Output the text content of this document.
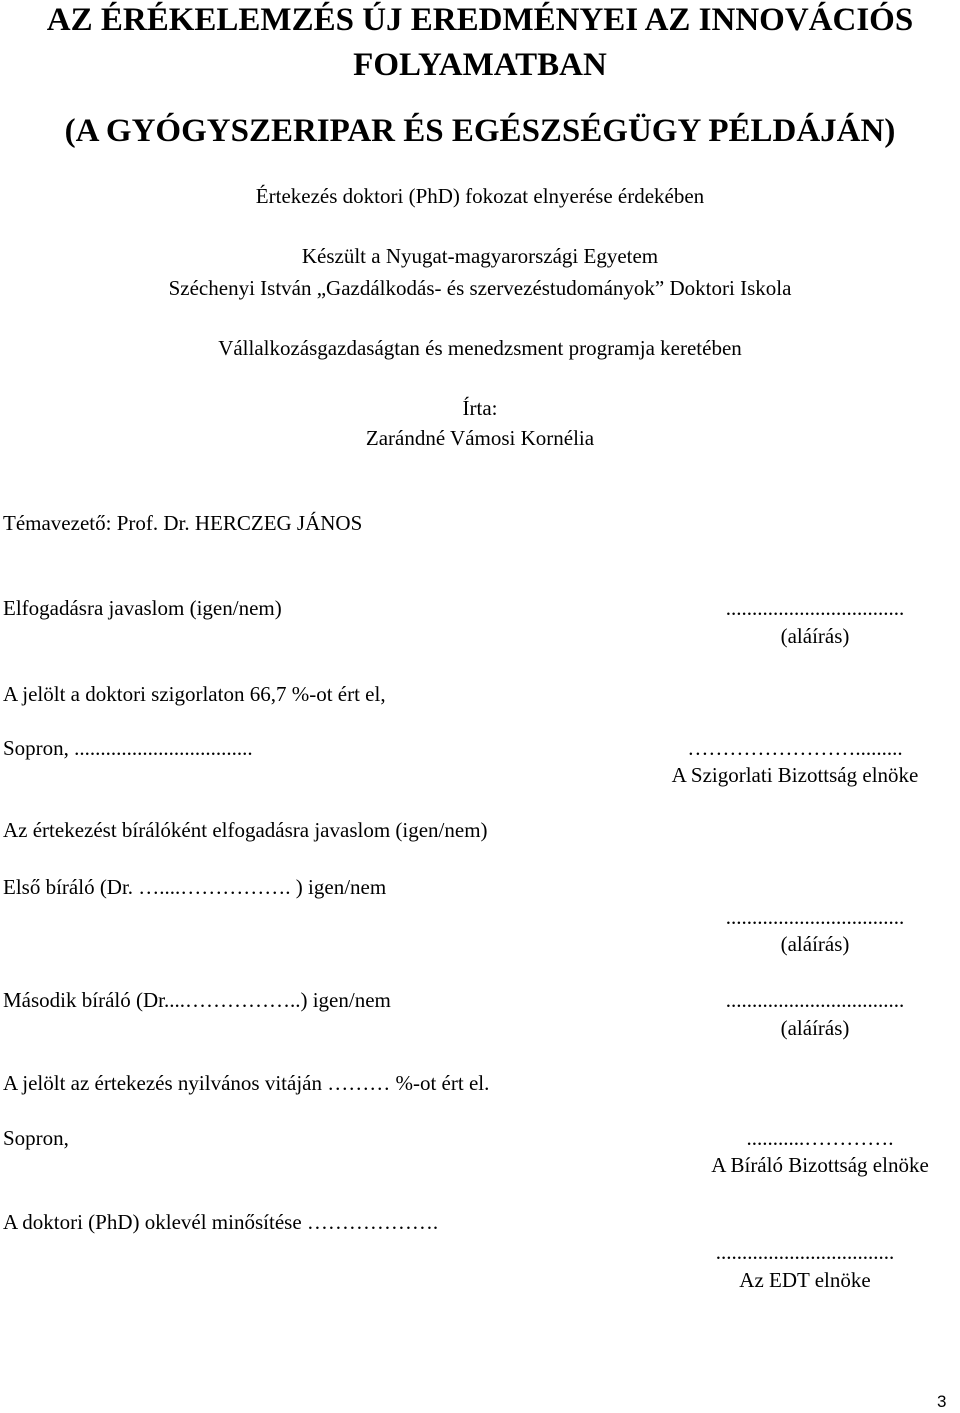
AZ ÉRÉKELEMZÉS ÚJ EREDMÉNYEI AZ INNOVÁCIÓS
FOLYAMATBAN
(A GYÓGYSZERIPAR ÉS EGÉSZSÉGÜGY PÉLDÁJÁN)
Értekezés doktori (PhD) fokozat elnyerése érdekében
Készült a Nyugat-magyarországi Egyetem
Széchenyi István „Gazdálkodás- és szervezéstudományok” Doktori Iskola
Vállalkozásgazdaságtan és menedzsment programja keretében
Írta:
Zarándné Vámosi Kornélia
Témavezető: Prof. Dr. HERCZEG JÁNOS
Elfogadásra javaslom (igen/nem)	..................................
(aláírás)
A jelölt a doktori szigorlaton 66,7 %-ot ért el,
Sopron, ..................................	…………………….........
A Szigorlati Bizottság elnöke
Az értekezést bírálóként elfogadásra javaslom (igen/nem)
Első bíráló (Dr. …....……………. ) igen/nem
..................................
(aláírás)
Második bíráló (Dr....……………..) igen/nem	..................................
(aláírás)
A jelölt az értekezés nyilvános vitáján ……… %-ot ért el.
Sopron,	...........………….
A Bíráló Bizottság elnöke
A doktori (PhD) oklevél minősítése ……………….
..................................
Az EDT elnöke
3
